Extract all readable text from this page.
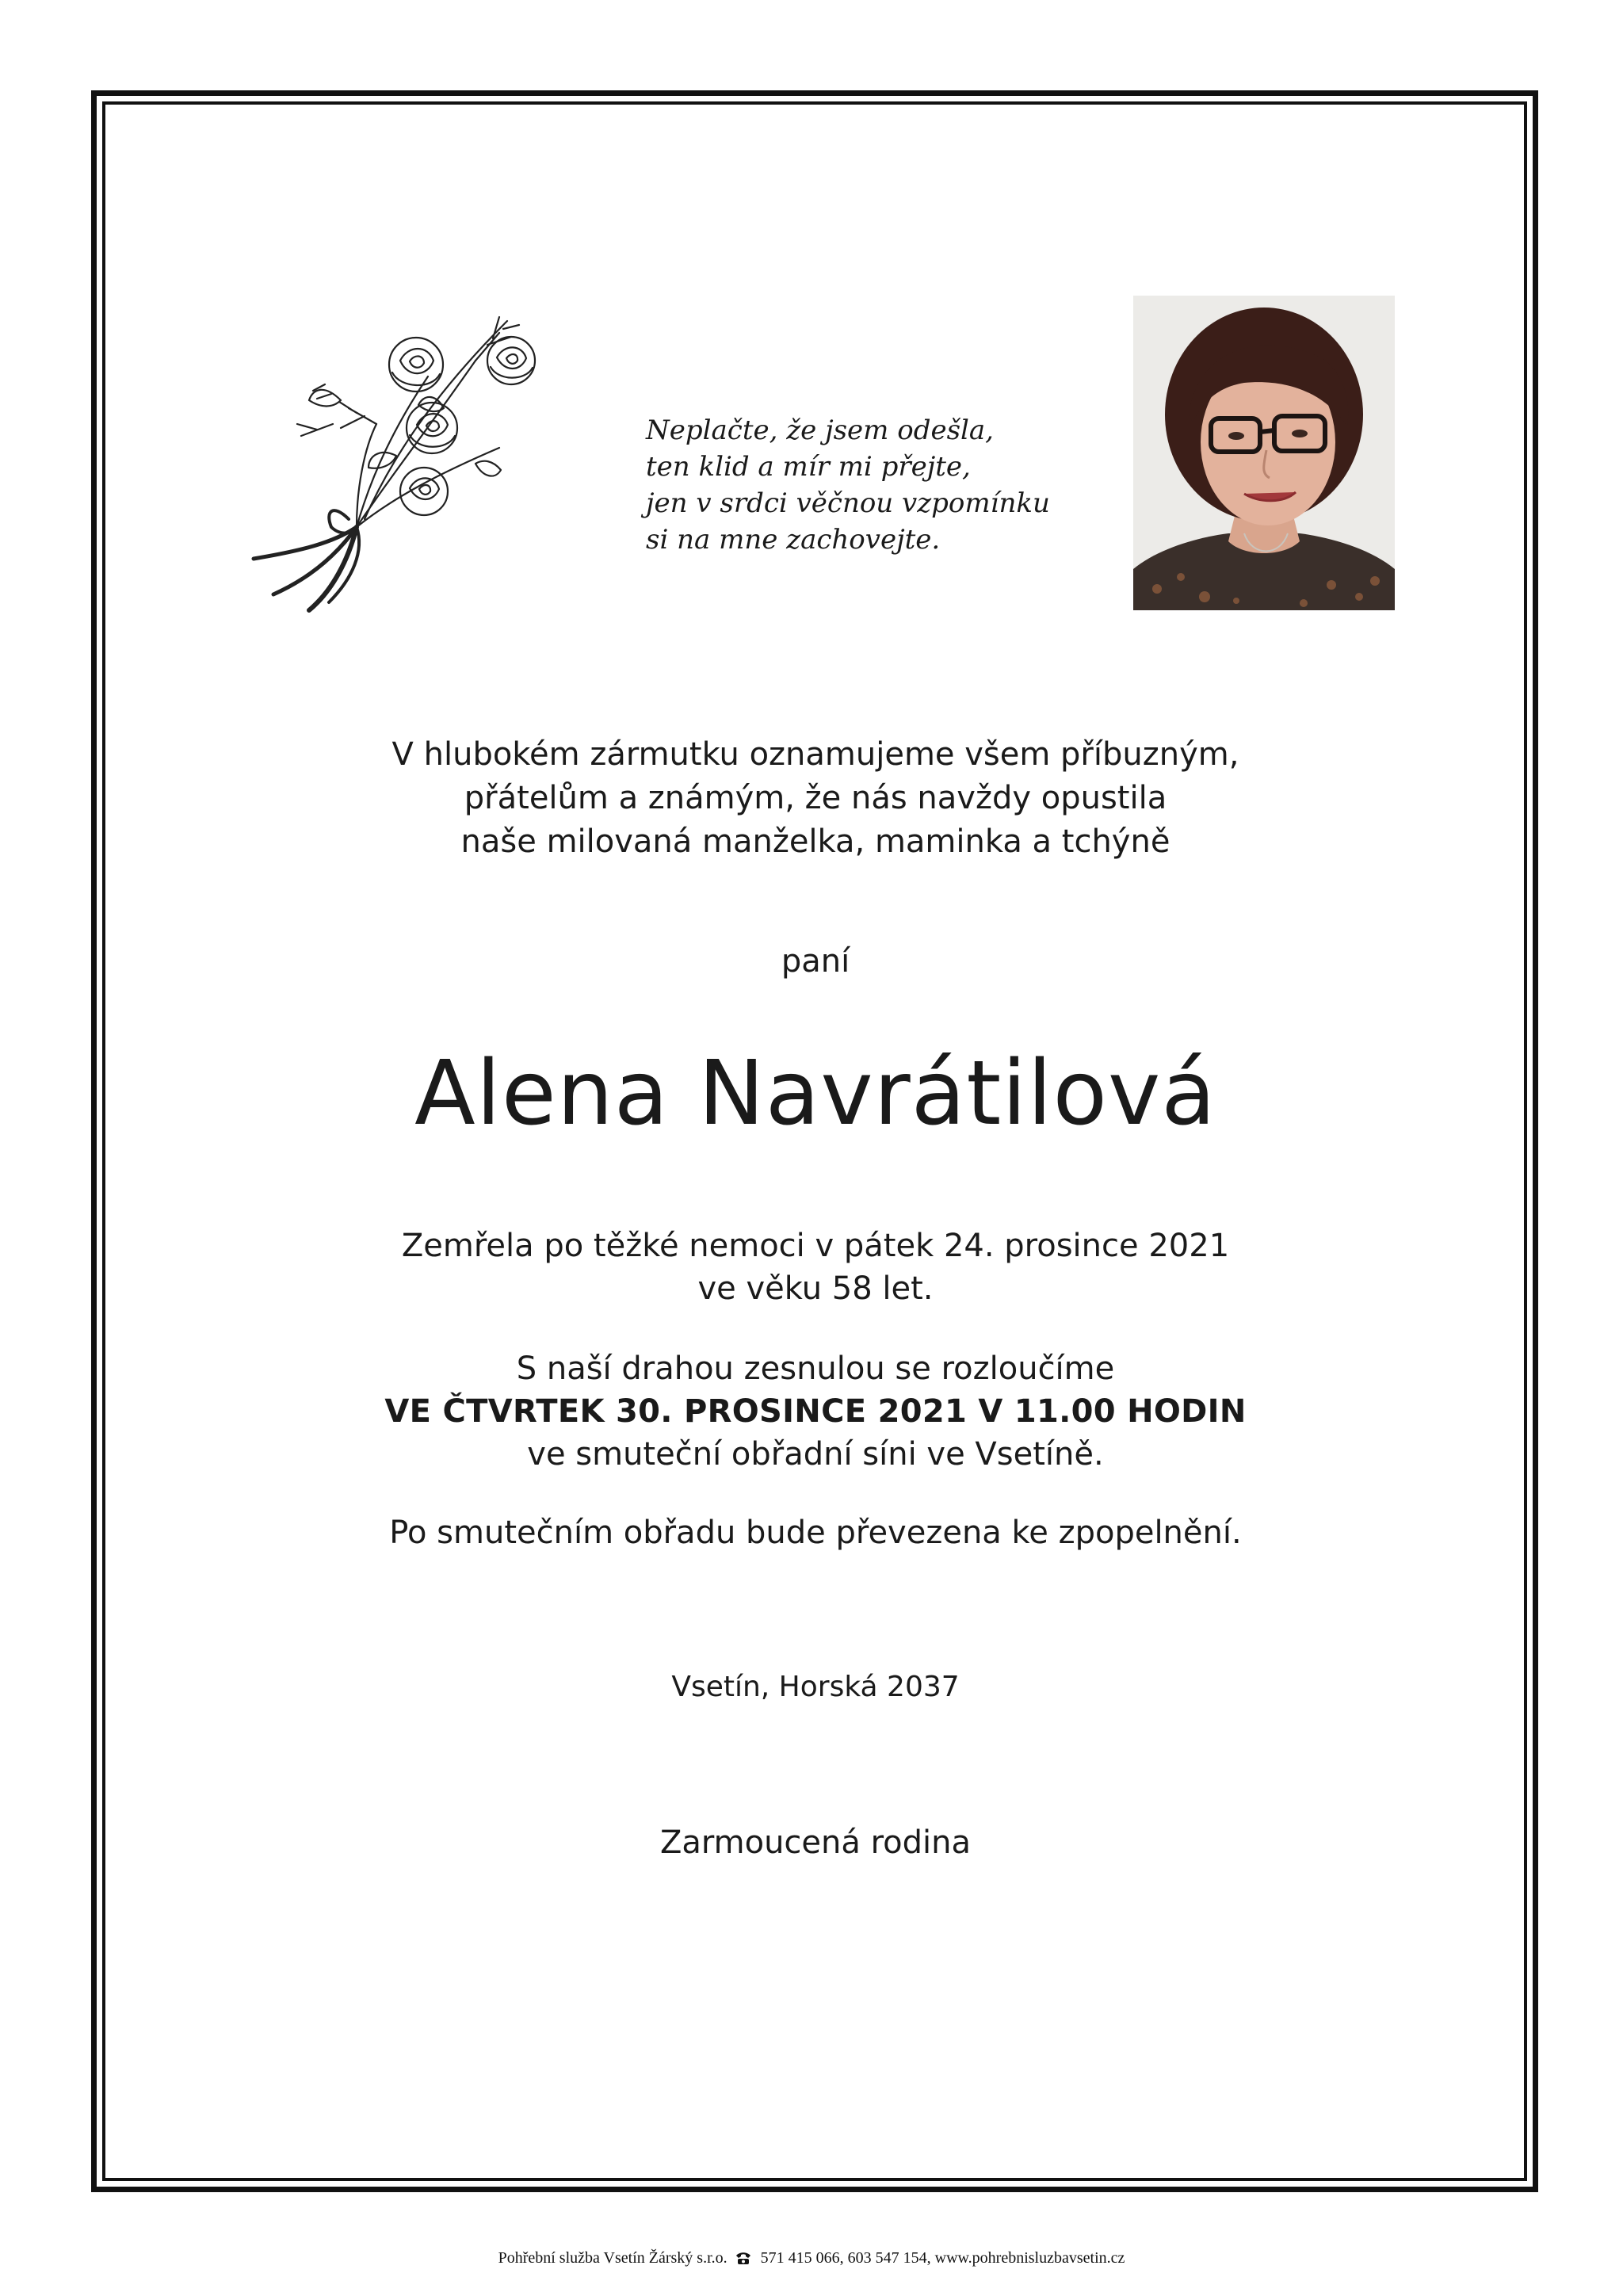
Neplačte, že jsem odešla,
ten klid a mír mi přejte,
jen v srdci věčnou vzpomínku
si na mne zachovejte.
V hlubokém zármutku oznamujeme všem příbuzným,
přátelům a známým, že nás navždy opustila
naše milovaná manželka, maminka a tchýně
paní
Alena Navrátilová
Zemřela po těžké nemoci v pátek 24. prosince 2021
ve věku 58 let.
S naší drahou zesnulou se rozloučíme
VE ČTVRTEK 30. PROSINCE 2021 V 11.00 HODIN
ve smuteční obřadní síni ve Vsetíně.
Po smutečním obřadu bude převezena ke zpopelnění.
Vsetín, Horská 2037
Zarmoucená rodina
Pohřební služba Vsetín Žárský s.r.o. 571 415 066, 603 547 154, www.pohrebnisluzbavsetin.cz
